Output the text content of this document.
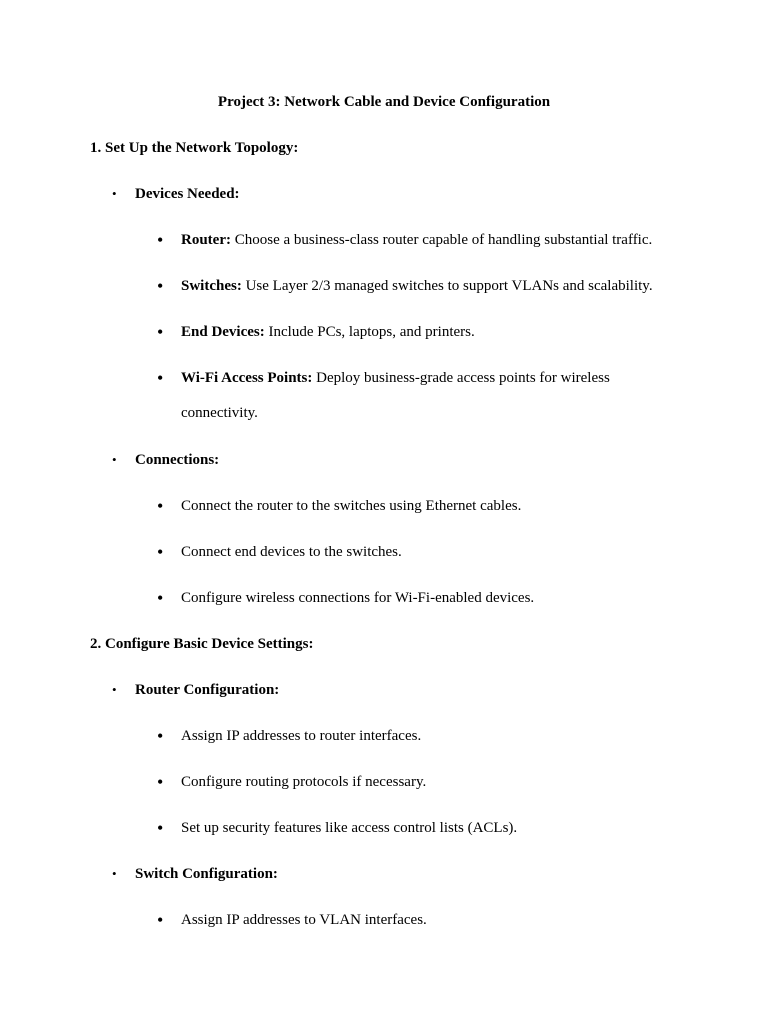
Project 3: Network Cable and Device Configuration
1. Set Up the Network Topology:
• Devices Needed:
• Router: Choose a business-class router capable of handling substantial traffic.
• Switches: Use Layer 2/3 managed switches to support VLANs and scalability.
• End Devices: Include PCs, laptops, and printers.
• Wi-Fi Access Points: Deploy business-grade access points for wireless
connectivity.
• Connections:
• Connect the router to the switches using Ethernet cables.
• Connect end devices to the switches.
• Configure wireless connections for Wi-Fi-enabled devices.
2. Configure Basic Device Settings:
• Router Configuration:
• Assign IP addresses to router interfaces.
• Configure routing protocols if necessary.
• Set up security features like access control lists (ACLs).
• Switch Configuration:
• Assign IP addresses to VLAN interfaces.
